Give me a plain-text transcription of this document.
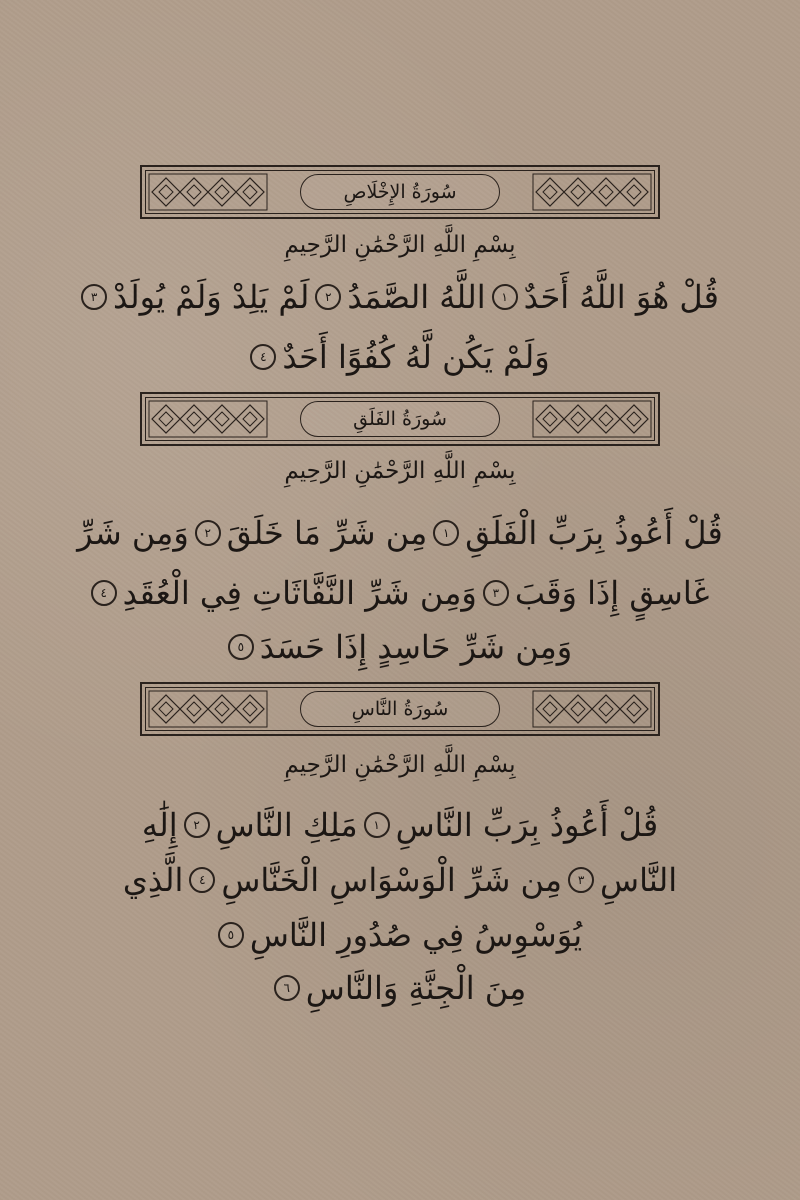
سُورَةُ الإِخْلَاصِ
بِسْمِ اللَّهِ الرَّحْمَٰنِ الرَّحِيمِ
قُلْ هُوَ اللَّهُ أَحَدٌ
١
اللَّهُ الصَّمَدُ
٢
لَمْ يَلِدْ وَلَمْ يُولَدْ
٣
وَلَمْ يَكُن لَّهُ كُفُوًا أَحَدٌ
٤
سُورَةُ الفَلَقِ
بِسْمِ اللَّهِ الرَّحْمَٰنِ الرَّحِيمِ
قُلْ أَعُوذُ بِرَبِّ الْفَلَقِ
١
مِن شَرِّ مَا خَلَقَ
٢
وَمِن شَرِّ
غَاسِقٍ إِذَا وَقَبَ
٣
وَمِن شَرِّ النَّفَّاثَاتِ فِي الْعُقَدِ
٤
وَمِن شَرِّ حَاسِدٍ إِذَا حَسَدَ
٥
سُورَةُ النَّاسِ
بِسْمِ اللَّهِ الرَّحْمَٰنِ الرَّحِيمِ
قُلْ أَعُوذُ بِرَبِّ النَّاسِ
١
مَلِكِ النَّاسِ
٢
إِلَٰهِ
النَّاسِ
٣
مِن شَرِّ الْوَسْوَاسِ الْخَنَّاسِ
٤
الَّذِي
يُوَسْوِسُ فِي صُدُورِ النَّاسِ
٥
مِنَ الْجِنَّةِ وَالنَّاسِ
٦
